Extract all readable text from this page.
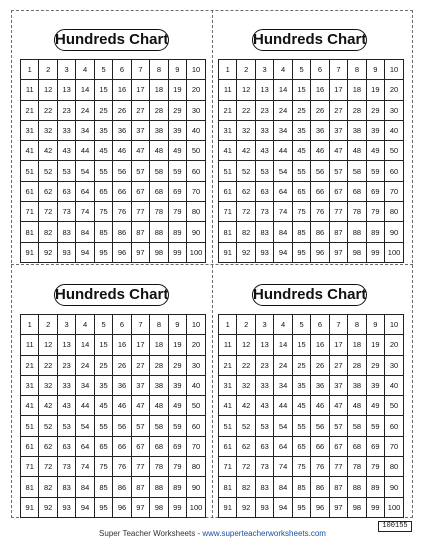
Hundreds Chart
1	2	3	4	5	6	7	8	9	10
11	12	13	14	15	16	17	18	19	20
21	22	23	24	25	26	27	28	29	30
31	32	33	34	35	36	37	38	39	40
41	42	43	44	45	46	47	48	49	50
51	52	53	54	55	56	57	58	59	60
61	62	63	64	65	66	67	68	69	70
71	72	73	74	75	76	77	78	79	80
81	82	83	84	85	86	87	88	89	90
91	92	93	94	95	96	97	98	99	100
Hundreds Chart
1	2	3	4	5	6	7	8	9	10
11	12	13	14	15	16	17	18	19	20
21	22	23	24	25	26	27	28	29	30
31	32	33	34	35	36	37	38	39	40
41	42	43	44	45	46	47	48	49	50
51	52	53	54	55	56	57	58	59	60
61	62	63	64	65	66	67	68	69	70
71	72	73	74	75	76	77	78	79	80
81	82	83	84	85	86	87	88	89	90
91	92	93	94	95	96	97	98	99	100
Hundreds Chart
1	2	3	4	5	6	7	8	9	10
11	12	13	14	15	16	17	18	19	20
21	22	23	24	25	26	27	28	29	30
31	32	33	34	35	36	37	38	39	40
41	42	43	44	45	46	47	48	49	50
51	52	53	54	55	56	57	58	59	60
61	62	63	64	65	66	67	68	69	70
71	72	73	74	75	76	77	78	79	80
81	82	83	84	85	86	87	88	89	90
91	92	93	94	95	96	97	98	99	100
Hundreds Chart
1	2	3	4	5	6	7	8	9	10
11	12	13	14	15	16	17	18	19	20
21	22	23	24	25	26	27	28	29	30
31	32	33	34	35	36	37	38	39	40
41	42	43	44	45	46	47	48	49	50
51	52	53	54	55	56	57	58	59	60
61	62	63	64	65	66	67	68	69	70
71	72	73	74	75	76	77	78	79	80
81	82	83	84	85	86	87	88	89	90
91	92	93	94	95	96	97	98	99	100
Super Teacher Worksheets - www.superteacherworksheets.com
100155
